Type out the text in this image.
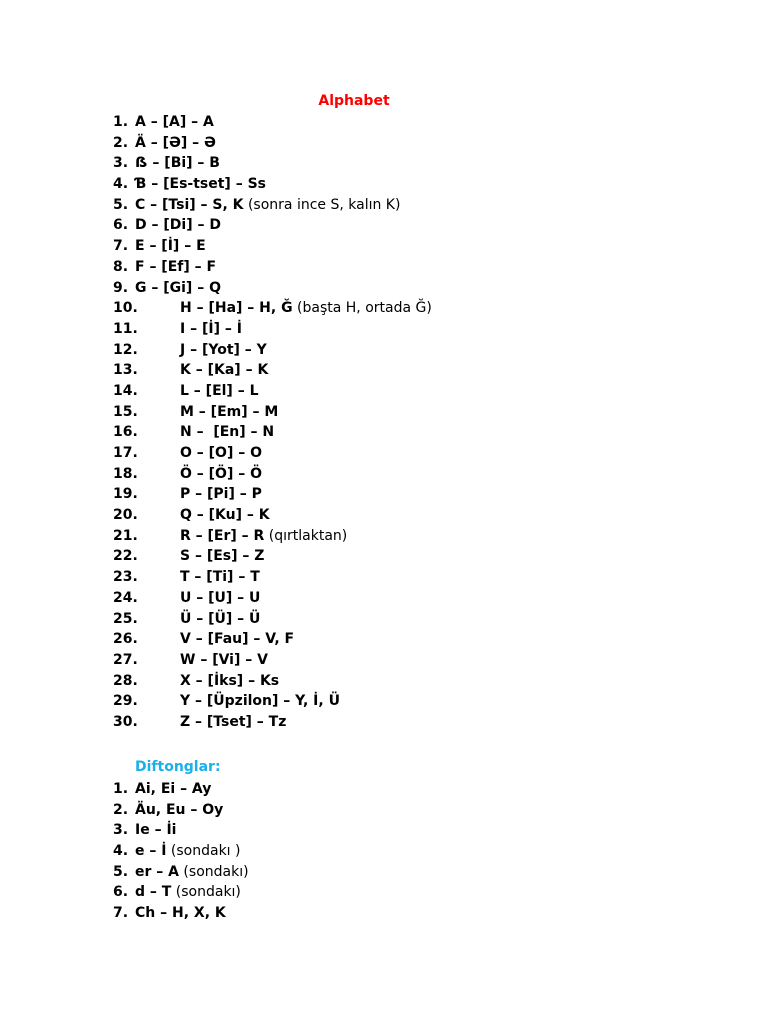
Alphabet
1. A – [A] – A
2. Ä – [Ə] – Ə
3. ẞ – [Bi] – B
4. Ɓ – [Es-tset] – Ss
5. C – [Tsi] – S, K (sonra ince S, kalın K)
6. D – [Di] – D
7. E – [İ] – E
8. F – [Ef] – F
9. G – [Gi] – Q
10.	H – [Ha] – H, Ğ (başta H, ortada Ğ)
11.	I – [İ] – İ
12.	J – [Yot] – Y
13.	K – [Ka] – K
14.	L – [El] – L
15.	M – [Em] – M
16.	N –  [En] – N
17.	O – [O] – O
18.	Ö – [Ö] – Ö
19.	P – [Pi] – P
20.	Q – [Ku] – K
21.	R – [Er] – R (qırtlaktan)
22.	S – [Es] – Z
23.	T – [Ti] – T
24.	U – [U] – U
25.	Ü – [Ü] – Ü
26.	V – [Fau] – V, F
27.	W – [Vi] – V
28.	X – [İks] – Ks
29.	Y – [Üpzilon] – Y, İ, Ü
30.	Z – [Tset] – Tz
Diftonglar:
1. Ai, Ei – Ay
2. Äu, Eu – Oy
3. Ie – İi
4. e – İ (sondakı )
5. er – A (sondakı)
6. d – T (sondakı)
7. Ch – H, X, K
